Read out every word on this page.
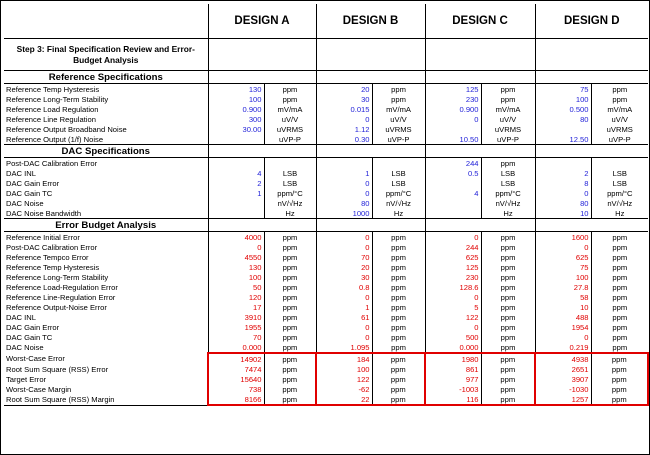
	DESIGN A		DESIGN B		DESIGN C		DESIGN D	
Step 3: Final Specification Review and Error-Budget Analysis								
Reference Specifications								
Reference Temp Hysteresis	130	ppm	20	ppm	125	ppm	75	ppm
Reference Long-Term Stability	100	ppm	30	ppm	230	ppm	100	ppm
Reference Load Regulation	0.900	mV/mA	0.015	mV/mA	0.900	mV/mA	0.500	mV/mA
Reference Line Regulation	300	uV/V	0	uV/V	0	uV/V	80	uV/V
Reference Output Broadband Noise	30.00	uVRMS	1.12	uVRMS		uVRMS		uVRMS
Reference Output (1/f) Noise		uVP-P	0.30	uVP-P	10.50	uVP-P	12.50	uVP-P
DAC Specifications								
Post-DAC Calibration Error					244	ppm		
DAC INL	4	LSB	1	LSB	0.5	LSB	2	LSB
DAC Gain Error	2	LSB	0	LSB		LSB	8	LSB
DAC Gain TC	1	ppm/°C	0	ppm/°C	4	ppm/°C	0	ppm/°C
DAC Noise		nV/√Hz	80	nV/√Hz		nV/√Hz	80	nV/√Hz
DAC Noise Bandwidth		Hz	1000	Hz		Hz	10	Hz
Error Budget Analysis								
Reference Initial Error	4000	ppm	0	ppm	0	ppm	1600	ppm
Post-DAC Calibration Error	0	ppm	0	ppm	244	ppm	0	ppm
Reference Tempco Error	4550	ppm	70	ppm	625	ppm	625	ppm
Reference Temp Hysteresis	130	ppm	20	ppm	125	ppm	75	ppm
Reference Long-Term Stability	100	ppm	30	ppm	230	ppm	100	ppm
Reference Load-Regulation Error	50	ppm	0.8	ppm	128.6	ppm	27.8	ppm
Reference Line-Regulation Error	120	ppm	0	ppm	0	ppm	58	ppm
Reference Output-Noise Error	17	ppm	1	ppm	5	ppm	10	ppm
DAC INL	3910	ppm	61	ppm	122	ppm	488	ppm
DAC Gain Error	1955	ppm	0	ppm	0	ppm	1954	ppm
DAC Gain TC	70	ppm	0	ppm	500	ppm	0	ppm
DAC Noise	0.000	ppm	1.095	ppm	0.000	ppm	0.219	ppm
Worst-Case Error	14902	ppm	184	ppm	1980	ppm	4938	ppm
Root Sum Square (RSS) Error	7474	ppm	100	ppm	861	ppm	2651	ppm
Target Error	15640	ppm	122	ppm	977	ppm	3907	ppm
Worst-Case Margin	738	ppm	-62	ppm	-1003	ppm	-1030	ppm
Root Sum Square (RSS) Margin	8166	ppm	22	ppm	116	ppm	1257	ppm
